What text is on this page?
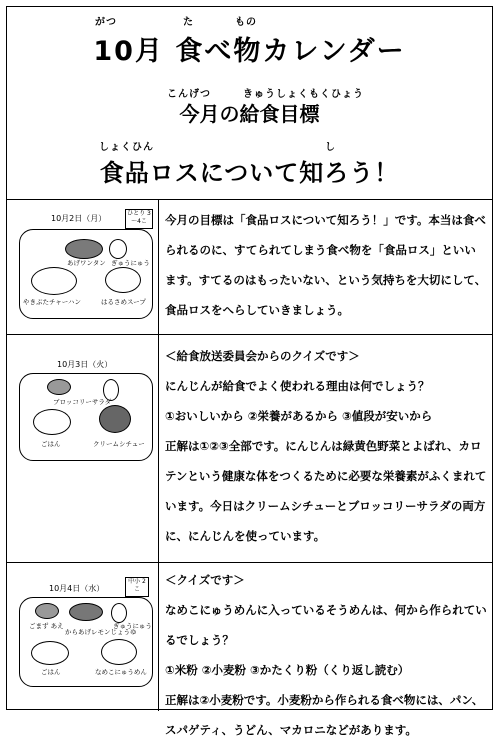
がつ	た	もの
10月 食べ物カレンダー
こんげつ	きゅうしょくもくひょう
今月の給食目標
しょくひん	し
食品ロスについて知ろう！
10月2日（月）
ひとり 3～4こ
あげワンタン ぎゅうにゅう
やきぶたチャーハン	はるさめスープ

今月の目標は「食品ロスについて知ろう！」です。本当は食べられるのに、すてられてしまう食べ物を「食品ロス」といいます。すてるのはもったいない、という気持ちを大切にして、食品ロスをへらしていきましょう。

10月3日（火）
ブロッコリーサラダ
ごはん	クリームシチュー

＜給食放送委員会からのクイズです＞

にんじんが給食でよく使われる理由は何でしょう？

①おいしいから ②栄養があるから ③値段が安いから

正解は①②③全部です。にんじんは緑黄色野菜とよばれ、カロテンという健康な体をつくるために必要な栄養素がふくまれています。今日はクリームシチューとブロッコリーサラダの両方に、にんじんを使っています。

10月4日（水）
中小 2こ
ごまず あえ
からあげレモンじょうゆ
ぎゅうにゅう
ごはん	なめこにゅうめん

＜クイズです＞

なめこにゅうめんに入っているそうめんは、何から作られているでしょう？

①米粉 ②小麦粉 ③かたくり粉（くり返し読む）

正解は②小麦粉です。小麦粉から作られる食べ物には、パン、スパゲティ、うどん、マカロニなどがあります。
